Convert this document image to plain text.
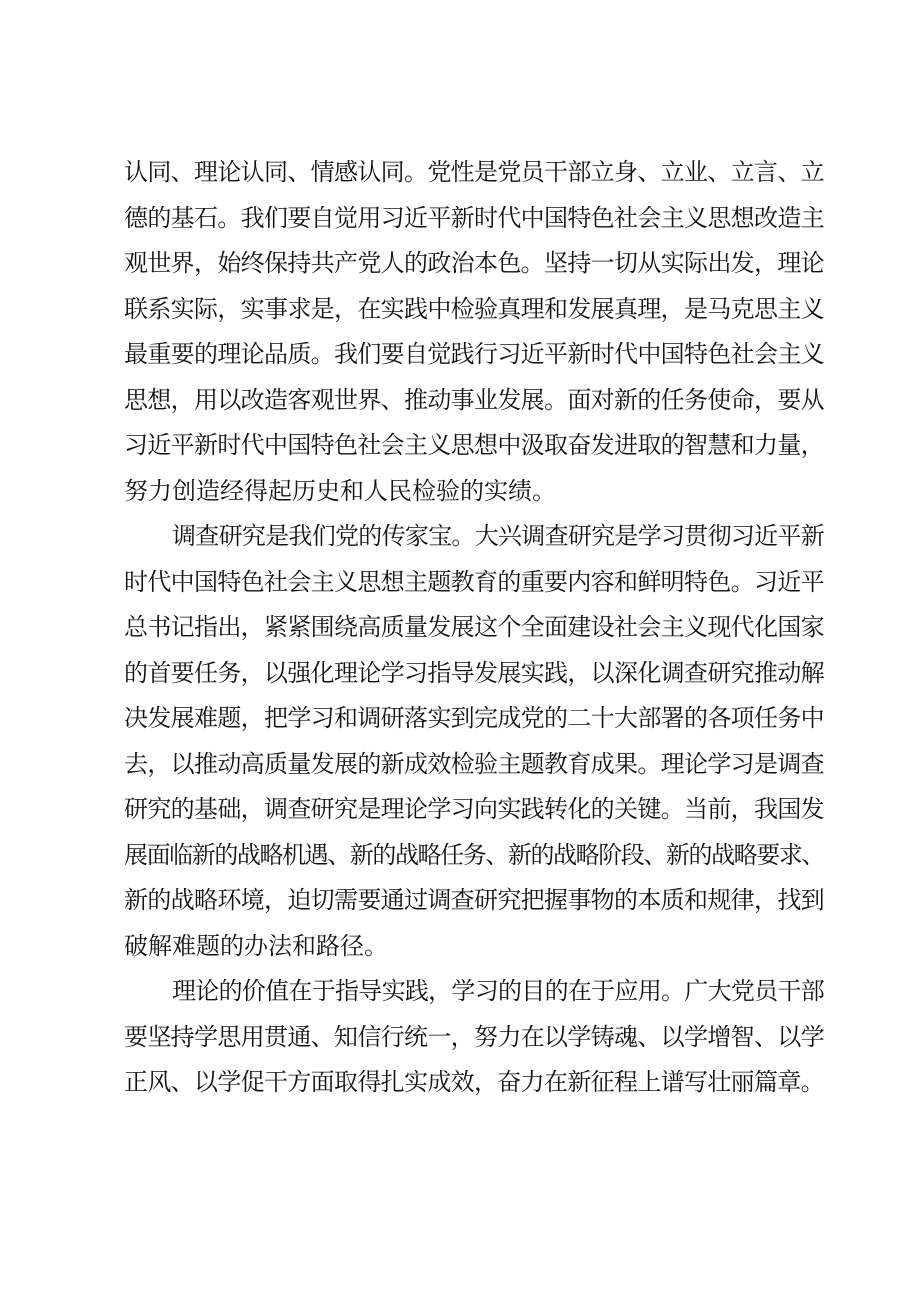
认同、理论认同、情感认同。党性是党员干部立身、立业、立言、立
德的基石。我们要自觉用习近平新时代中国特色社会主义思想改造主
观世界，始终保持共产党人的政治本色。坚持一切从实际出发，理论
联系实际，实事求是，在实践中检验真理和发展真理，是马克思主义
最重要的理论品质。我们要自觉践行习近平新时代中国特色社会主义
思想，用以改造客观世界、推动事业发展。面对新的任务使命，要从
习近平新时代中国特色社会主义思想中汲取奋发进取的智慧和力量，
努力创造经得起历史和人民检验的实绩。
调查研究是我们党的传家宝。大兴调查研究是学习贯彻习近平新
时代中国特色社会主义思想主题教育的重要内容和鲜明特色。习近平
总书记指出，紧紧围绕高质量发展这个全面建设社会主义现代化国家
的首要任务，以强化理论学习指导发展实践，以深化调查研究推动解
决发展难题，把学习和调研落实到完成党的二十大部署的各项任务中
去，以推动高质量发展的新成效检验主题教育成果。理论学习是调查
研究的基础，调查研究是理论学习向实践转化的关键。当前，我国发
展面临新的战略机遇、新的战略任务、新的战略阶段、新的战略要求、
新的战略环境，迫切需要通过调查研究把握事物的本质和规律，找到
破解难题的办法和路径。
理论的价值在于指导实践，学习的目的在于应用。广大党员干部
要坚持学思用贯通、知信行统一，努力在以学铸魂、以学增智、以学
正风、以学促干方面取得扎实成效，奋力在新征程上谱写壮丽篇章。
